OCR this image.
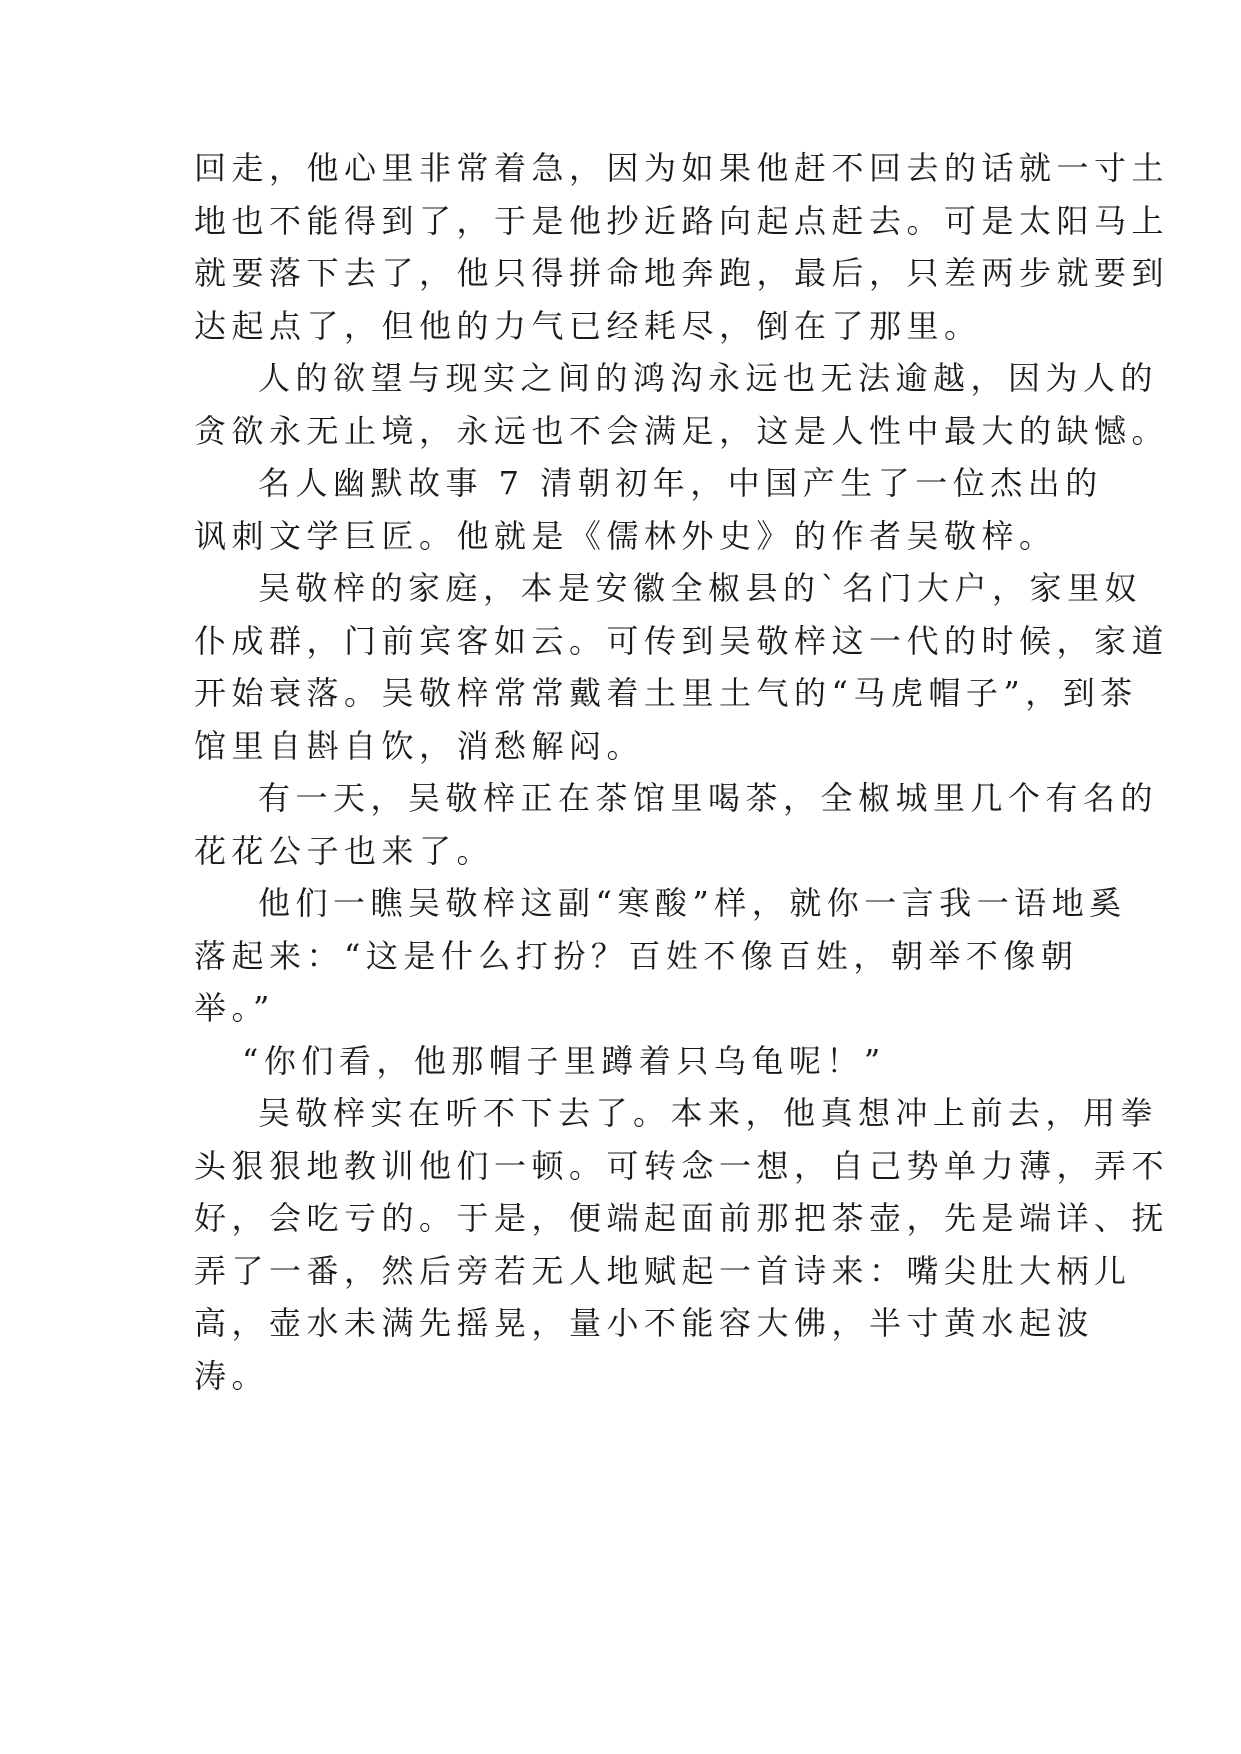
回走，他心里非常着急，因为如果他赶不回去的话就一寸土
地也不能得到了，于是他抄近路向起点赶去。可是太阳马上
就要落下去了，他只得拼命地奔跑，最后，只差两步就要到
达起点了，但他的力气已经耗尽，倒在了那里。
人的欲望与现实之间的鸿沟永远也无法逾越，因为人的
贪欲永无止境，永远也不会满足，这是人性中最大的缺憾。
名人幽默故事 7 清朝初年，中国产生了一位杰出的
讽刺文学巨匠。他就是《儒林外史》的作者吴敬梓。
吴敬梓的家庭，本是安徽全椒县的`名门大户，家里奴
仆成群，门前宾客如云。可传到吴敬梓这一代的时候，家道
开始衰落。吴敬梓常常戴着土里土气的“马虎帽子”，到茶
馆里自斟自饮，消愁解闷。
有一天，吴敬梓正在茶馆里喝茶，全椒城里几个有名的
花花公子也来了。
他们一瞧吴敬梓这副“寒酸”样，就你一言我一语地奚
落起来：“这是什么打扮？百姓不像百姓，朝举不像朝
举。”
“你们看，他那帽子里蹲着只乌龟呢！”
吴敬梓实在听不下去了。本来，他真想冲上前去，用拳
头狠狠地教训他们一顿。可转念一想，自己势单力薄，弄不
好，会吃亏的。于是，便端起面前那把茶壶，先是端详、抚
弄了一番，然后旁若无人地赋起一首诗来：嘴尖肚大柄儿
高，壶水未满先摇晃，量小不能容大佛，半寸黄水起波
涛。
